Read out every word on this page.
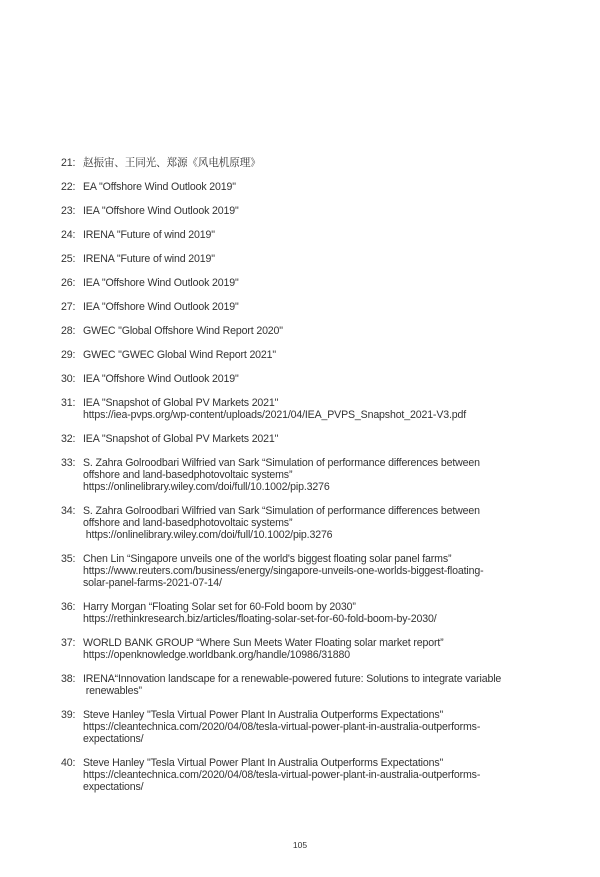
21: 赵振宙、王同光、郑源《风电机原理》
22: EA "Offshore Wind Outlook 2019"
23: IEA "Offshore Wind Outlook 2019"
24: IRENA "Future of wind 2019"
25: IRENA "Future of wind 2019"
26: IEA "Offshore Wind Outlook 2019"
27: IEA "Offshore Wind Outlook 2019"
28: GWEC "Global Offshore Wind Report 2020"
29: GWEC "GWEC Global Wind Report 2021"
30: IEA "Offshore Wind Outlook 2019"
31: IEA "Snapshot of Global PV Markets 2021"
https://iea-pvps.org/wp-content/uploads/2021/04/IEA_PVPS_Snapshot_2021-V3.pdf
32: IEA "Snapshot of Global PV Markets 2021"
33: S. Zahra Golroodbari Wilfried van Sark “Simulation of performance differences between
offshore and land-basedphotovoltaic systems”
https://onlinelibrary.wiley.com/doi/full/10.1002/pip.3276
34: S. Zahra Golroodbari Wilfried van Sark “Simulation of performance differences between
offshore and land-basedphotovoltaic systems”
https://onlinelibrary.wiley.com/doi/full/10.1002/pip.3276
35: Chen Lin “Singapore unveils one of the world's biggest floating solar panel farms”
https://www.reuters.com/business/energy/singapore-unveils-one-worlds-biggest-floating-
solar-panel-farms-2021-07-14/
36: Harry Morgan “Floating Solar set for 60-Fold boom by 2030”
https://rethinkresearch.biz/articles/floating-solar-set-for-60-fold-boom-by-2030/
37: WORLD BANK GROUP “Where Sun Meets Water Floating solar market report”
https://openknowledge.worldbank.org/handle/10986/31880
38: IRENA“Innovation landscape for a renewable-powered future: Solutions to integrate variable
renewables”
39: Steve Hanley "Tesla Virtual Power Plant In Australia Outperforms Expectations"
https://cleantechnica.com/2020/04/08/tesla-virtual-power-plant-in-australia-outperforms-
expectations/
40: Steve Hanley "Tesla Virtual Power Plant In Australia Outperforms Expectations"
https://cleantechnica.com/2020/04/08/tesla-virtual-power-plant-in-australia-outperforms-
expectations/
105
